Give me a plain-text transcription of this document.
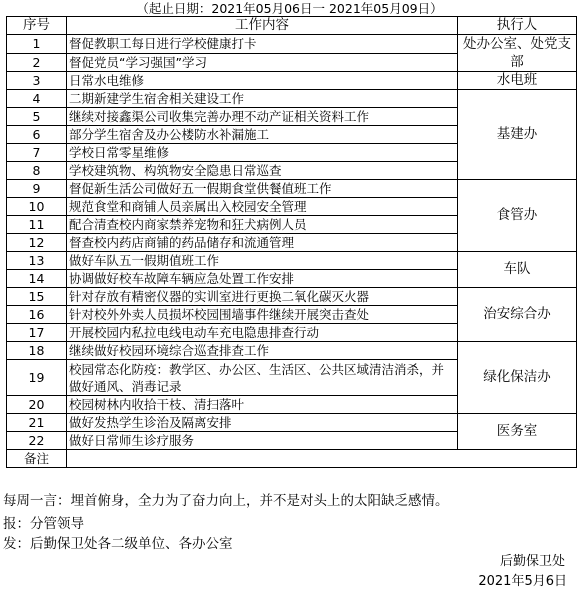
（起止日期：2021年05月06日一 2021年05月09日）
序号	工作内容	执行人
1	督促教职工每日进行学校健康打卡	处办公室、处党支部
2	督促党员“学习强国”学习	
3	日常水电维修	水电班
4	二期新建学生宿舍相关建设工作	基建办
5	继续对接鑫渠公司收集完善办理不动产证相关资料工作	
6	部分学生宿舍及办公楼防水补漏施工	
7	学校日常零星维修	
8	学校建筑物、构筑物安全隐患日常巡查	
9	督促新生活公司做好五一假期食堂供餐值班工作	食管办
10	规范食堂和商铺人员亲属出入校园安全管理	
11	配合清查校内商家禁养宠物和狂犬病例人员	
12	督查校内药店商铺的药品储存和流通管理	
13	做好车队五一假期值班工作	车队
14	协调做好校车故障车辆应急处置工作安排	
15	针对存放有精密仪器的实训室进行更换二氧化碳灭火器	治安综合办
16	针对校外外卖人员损坏校园围墙事件继续开展突击查处	
17	开展校园内私拉电线电动车充电隐患排查行动	
18	继续做好校园环境综合巡查排查工作	绿化保洁办
19	校园常态化防疫：教学区、办公区、生活区、公共区域清洁消杀，并做好通风、消毒记录	
20	校园树林内收拾干枝、清扫落叶	
21	做好发热学生诊治及隔离安排	医务室
22	做好日常师生诊疗服务	
备注		
每周一言：埋首俯身，全力为了奋力向上，并不是对头上的太阳缺乏感情。
报：分管领导
发：后勤保卫处各二级单位、各办公室
后勤保卫处
2021年5月6日
